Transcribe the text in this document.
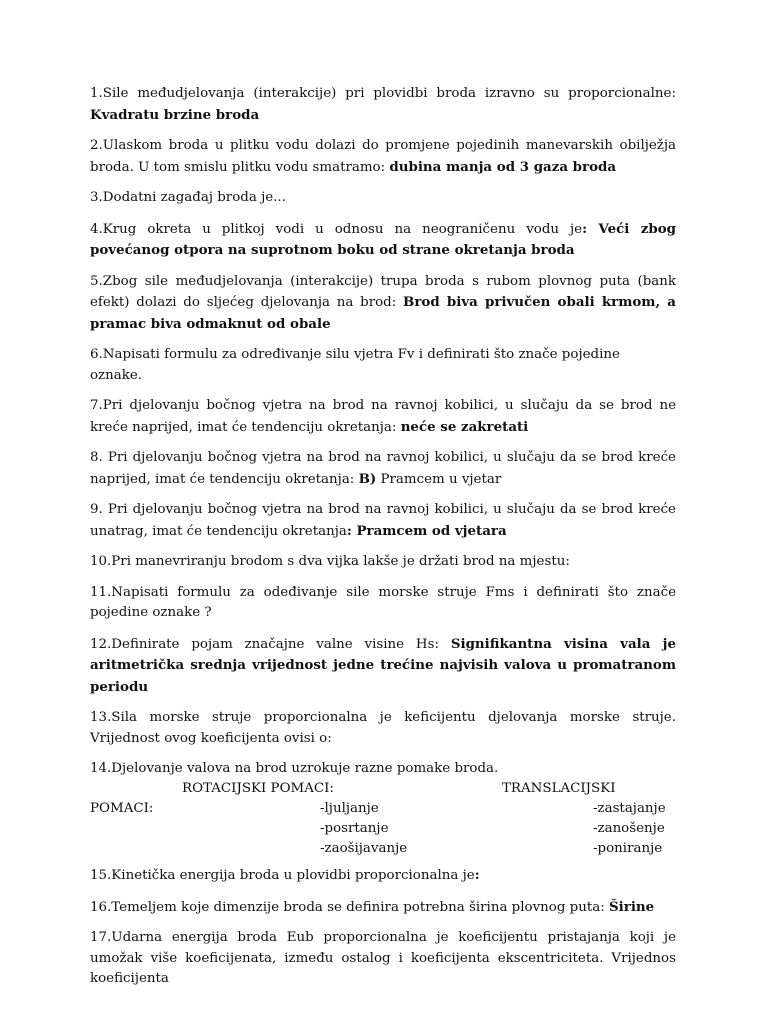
1.Sile međudjelovanja (interakcije) pri plovidbi broda izravno su proporcionalne: Kvadratu brzine broda

2.Ulaskom broda u plitku vodu dolazi do promjene pojedinih manevarskih obilježja broda. U tom smislu plitku vodu smatramo: dubina manja od 3 gaza broda

3.Dodatni zagađaj broda je...

4.Krug okreta u plitkoj vodi u odnosu na neograničenu vodu je: Veći zbog povećanog otpora na suprotnom boku od strane okretanja broda

5.Zbog sile međudjelovanja (interakcije) trupa broda s rubom plovnog puta (bank efekt) dolazi do sljećeg djelovanja na brod: Brod biva privučen obali krmom, a pramac biva odmaknut od obale

6.Napisati formulu za određivanje silu vjetra Fv i definirati što znače pojedine oznake.

7.Pri djelovanju bočnog vjetra na brod na ravnoj kobilici, u slučaju da se brod ne kreće naprijed, imat će tendenciju okretanja: neće se zakretati

8. Pri djelovanju bočnog vjetra na brod na ravnoj kobilici, u slučaju da se brod kreće naprijed, imat će tendenciju okretanja: B) Pramcem u vjetar

9. Pri djelovanju bočnog vjetra na brod na ravnoj kobilici, u slučaju da se brod kreće unatrag, imat će tendenciju okretanja: Pramcem od vjetara

10.Pri manevriranju brodom s dva vijka lakše je držati brod na mjestu:

11.Napisati formulu za odeđivanje sile morske struje Fms i definirati što znače pojedine oznake ?

12.Definirate pojam značajne valne visine Hs: Signifikantna visina vala je aritmetrička srednja vrijednost jedne trećine najvisih valova u promatranom periodu

13.Sila morske struje proporcionalna je keficijentu djelovanja morske struje. Vrijednost ovog koeficijenta ovisi o:

14.Djelovanje valova na brod uzrokuje razne pomake broda.
ROTACIJSKI POMACI:	TRANSLACIJSKI
POMACI:	-ljuljanje
-posrtanje
-zaošijavanje
-zastajanje
-zanošenje
-poniranje

15.Kinetička energija broda u plovidbi proporcionalna je:

16.Temeljem koje dimenzije broda se definira potrebna širina plovnog puta: Širine

17.Udarna energija broda Eub proporcionalna je koeficijentu pristajanja koji je umožak više koeficijenata, između ostalog i koeficijenta ekscentriciteta. Vrijednos koeficijenta
